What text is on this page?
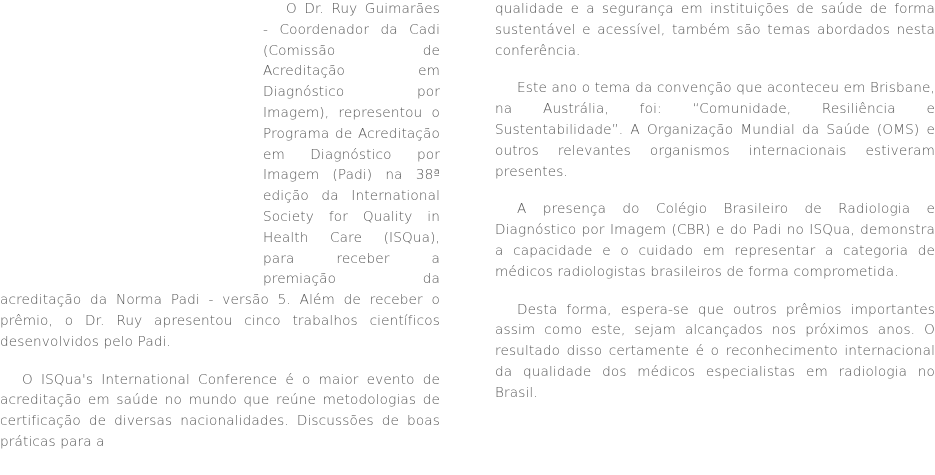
O Dr. Ruy Guimarães - Coordenador da Cadi (Comissão de Acreditação em Diagnóstico por Imagem), representou o Programa de Acreditação em Diagnóstico por Imagem (Padi) na 38ª edição da International Society for Quality in Health Care (ISQua), para receber a premiação da acreditação da Norma Padi - versão 5. Além de receber o prêmio, o Dr. Ruy apresentou cinco trabalhos científicos desenvolvidos pelo Padi.

O ISQua's International Conference é o maior evento de acreditação em saúde no mundo que reúne metodologias de certificação de diversas nacionalidades. Discussões de boas práticas para a

qualidade e a segurança em instituições de saúde de forma sustentável e acessível, também são temas abordados nesta conferência.

Este ano o tema da convenção que aconteceu em Brisbane, na Austrália, foi: “Comunidade, Resiliência e Sustentabilidade”. A Organização Mundial da Saúde (OMS) e outros relevantes organismos internacionais estiveram presentes.

A presença do Colégio Brasileiro de Radiologia e Diagnóstico por Imagem (CBR) e do Padi no ISQua, demonstra a capacidade e o cuidado em representar a categoria de médicos radiologistas brasileiros de forma comprometida.

Desta forma, espera-se que outros prêmios importantes assim como este, sejam alcançados nos próximos anos. O resultado disso certamente é o reconhecimento internacional da qualidade dos médicos especialistas em radiologia no Brasil.
